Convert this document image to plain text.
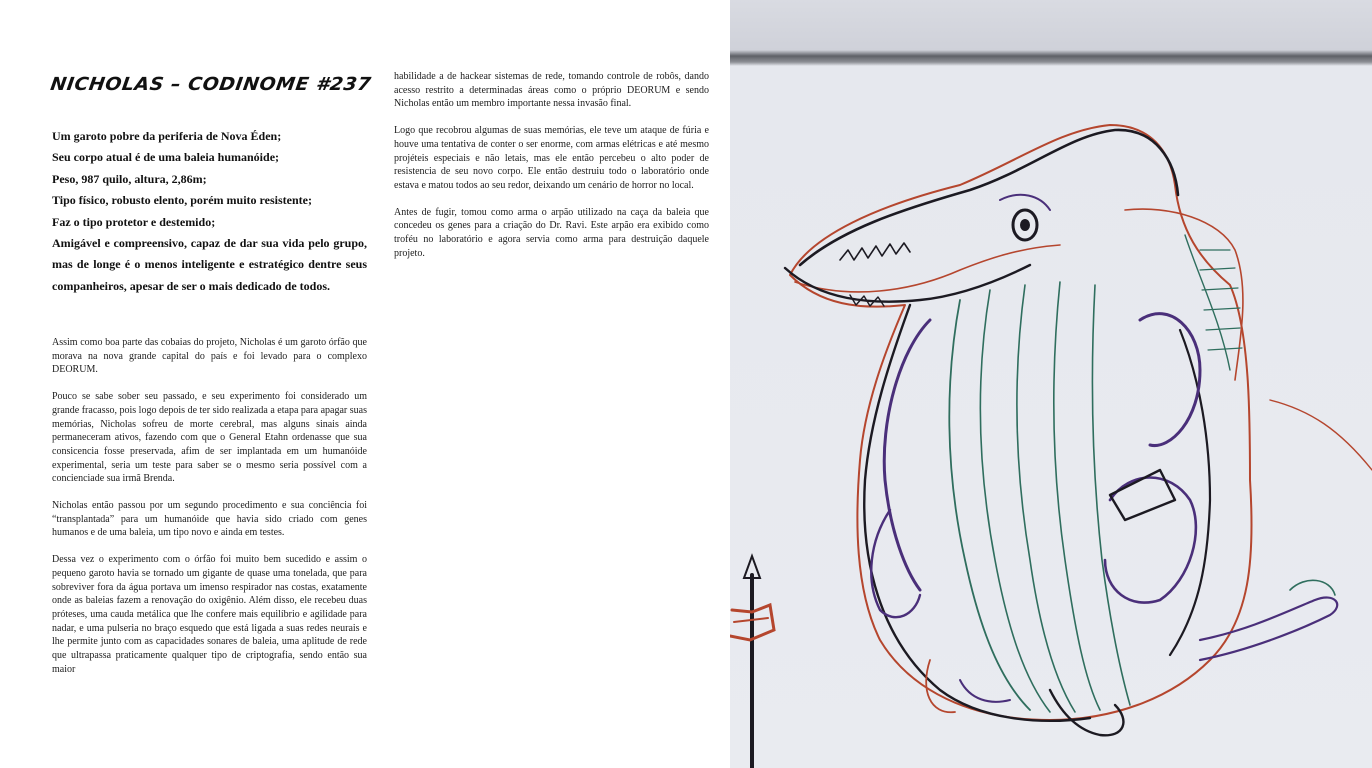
NICHOLAS – CODINOME #237
Um garoto pobre da periferia de Nova Éden;
Seu corpo atual é de uma baleia humanóide;
Peso, 987 quilo, altura, 2,86m;
Tipo físico, robusto elento, porém muito resistente;
Faz o tipo protetor e destemido;
Amigável e compreensivo, capaz de dar sua vida pelo grupo, mas de longe é o menos inteligente e estratégico dentre seus companheiros, apesar de ser o mais dedicado de todos.

Assim como boa parte das cobaias do projeto, Nicholas é um garoto órfão que morava na nova grande capital do país e foi levado para o complexo DEORUM.

Pouco se sabe sober seu passado, e seu experimento foi considerado um grande fracasso, pois logo depois de ter sido realizada a etapa para apagar suas memórias, Nicholas sofreu de morte cerebral, mas alguns sinais ainda permaneceram ativos, fazendo com que o General Etahn ordenasse que sua consicencia fosse preservada, afim de ser implantada em um humanóide experimental, seria um teste para saber se o mesmo seria possível com a concienciade sua irmã Brenda.

Nicholas então passou por um segundo procedimento e sua conciência foi “transplantada” para um humanóide que havia sido criado com genes humanos e de uma baleia, um tipo novo e ainda em testes.

Dessa vez o experimento com o órfão foi muito bem sucedido e assim o pequeno garoto havia se tornado um gigante de quase uma tonelada, que para sobreviver fora da água portava um imenso respirador nas costas, exatamente onde as baleias fazem a renovação do oxigênio. Além disso, ele recebeu duas próteses, uma cauda metálica que lhe confere mais equilíbrio e agilidade para nadar, e uma pulseria no braço esquedo que está ligada a suas redes neurais e lhe permite junto com as capacidades sonares de baleia, uma aplitude de rede que ultrapassa praticamente qualquer tipo de criptografia, sendo então sua maior

habilidade a de hackear sistemas de rede, tomando controle de robôs, dando acesso restrito a determinadas áreas como o próprio DEORUM e sendo Nicholas então um membro importante nessa invasão final.

Logo que recobrou algumas de suas memórias, ele teve um ataque de fúria e houve uma tentativa de conter o ser enorme, com armas elétricas e até mesmo projéteis especiais e não letais, mas ele então percebeu o alto poder de resistencia de seu novo corpo. Ele então destruiu todo o laboratório onde estava e matou todos ao seu redor, deixando um cenário de horror no local.

Antes de fugir, tomou como arma o arpão utilizado na caça da baleia que concedeu os genes para a criação do Dr. Ravi. Este arpão era exibido como troféu no laboratório e agora servia como arma para destruição daquele projeto.
